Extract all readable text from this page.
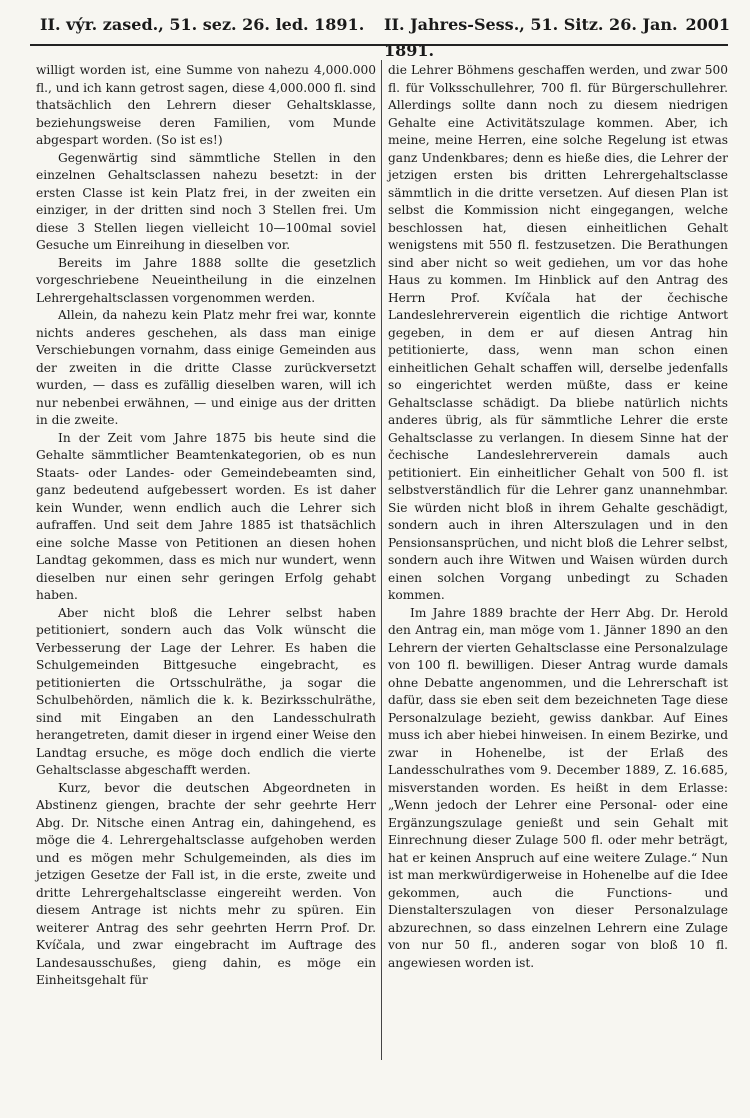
II. výr. zased., 51. sez. 26. led. 1891. II. Jahres-Sess., 51. Sitz. 26. Jan. 1891.
2001

willigt worden ist, eine Summe von nahezu 4,000.000 fl., und ich kann getrost sagen, diese 4,000.000 fl. sind thatsächlich den Lehrern dieser Gehaltsklasse, beziehungsweise deren Familien, vom Munde abgespart worden. (So ist es!)

Gegenwärtig sind sämmtliche Stellen in den einzelnen Gehaltsclassen nahezu besetzt: in der ersten Classe ist kein Platz frei, in der zweiten ein einziger, in der dritten sind noch 3 Stellen frei. Um diese 3 Stellen liegen vielleicht 10—100mal soviel Gesuche um Einreihung in dieselben vor.

Bereits im Jahre 1888 sollte die gesetzlich vorgeschriebene Neueintheilung in die einzelnen Lehrergehaltsclassen vorgenommen werden.

Allein, da nahezu kein Platz mehr frei war, konnte nichts anderes geschehen, als dass man einige Verschiebungen vornahm, dass einige Gemeinden aus der zweiten in die dritte Classe zurückversetzt wurden, — dass es zufällig dieselben waren, will ich nur nebenbei erwähnen, — und einige aus der dritten in die zweite.

In der Zeit vom Jahre 1875 bis heute sind die Gehalte sämmtlicher Beamtenkategorien, ob es nun Staats- oder Landes- oder Gemeindebeamten sind, ganz bedeutend aufgebessert worden. Es ist daher kein Wunder, wenn endlich auch die Lehrer sich aufraffen. Und seit dem Jahre 1885 ist thatsächlich eine solche Masse von Petitionen an diesen hohen Landtag gekommen, dass es mich nur wundert, wenn dieselben nur einen sehr geringen Erfolg gehabt haben.

Aber nicht bloß die Lehrer selbst haben petitioniert, sondern auch das Volk wünscht die Verbesserung der Lage der Lehrer. Es haben die Schulgemeinden Bittgesuche eingebracht, es petitionierten die Ortsschulräthe, ja sogar die Schulbehörden, nämlich die k. k. Bezirksschulräthe, sind mit Eingaben an den Landesschulrath herangetreten, damit dieser in irgend einer Weise den Landtag ersuche, es möge doch endlich die vierte Gehaltsclasse abgeschafft werden.

Kurz, bevor die deutschen Abgeordneten in Abstinenz giengen, brachte der sehr geehrte Herr Abg. Dr. Nitsche einen Antrag ein, dahingehend, es möge die 4. Lehrergehaltsclasse aufgehoben werden und es mögen mehr Schulgemeinden, als dies im jetzigen Gesetze der Fall ist, in die erste, zweite und dritte Lehrergehaltsclasse eingereiht werden. Von diesem Antrage ist nichts mehr zu spüren. Ein weiterer Antrag des sehr geehrten Herrn Prof. Dr. Kvíčala, und zwar eingebracht im Auftrage des Landesausschußes, gieng dahin, es möge ein Einheitsgehalt für

die Lehrer Böhmens geschaffen werden, und zwar 500 fl. für Volksschullehrer, 700 fl. für Bürgerschullehrer. Allerdings sollte dann noch zu diesem niedrigen Gehalte eine Activitätszulage kommen. Aber, ich meine, meine Herren, eine solche Regelung ist etwas ganz Undenkbares; denn es hieße dies, die Lehrer der jetzigen ersten bis dritten Lehrergehaltsclasse sämmtlich in die dritte versetzen. Auf diesen Plan ist selbst die Kommission nicht eingegangen, welche beschlossen hat, diesen einheitlichen Gehalt wenigstens mit 550 fl. festzusetzen. Die Berathungen sind aber nicht so weit gediehen, um vor das hohe Haus zu kommen. Im Hinblick auf den Antrag des Herrn Prof. Kvíčala hat der čechische Landeslehrerverein eigentlich die richtige Antwort gegeben, in dem er auf diesen Antrag hin petitionierte, dass, wenn man schon einen einheitlichen Gehalt schaffen will, derselbe jedenfalls so eingerichtet werden müßte, dass er keine Gehaltsclasse schädigt. Da bliebe natürlich nichts anderes übrig, als für sämmtliche Lehrer die erste Gehaltsclasse zu verlangen. In diesem Sinne hat der čechische Landeslehrerverein damals auch petitioniert. Ein einheitlicher Gehalt von 500 fl. ist selbstverständlich für die Lehrer ganz unannehmbar. Sie würden nicht bloß in ihrem Gehalte geschädigt, sondern auch in ihren Alterszulagen und in den Pensionsansprüchen, und nicht bloß die Lehrer selbst, sondern auch ihre Witwen und Waisen würden durch einen solchen Vorgang unbedingt zu Schaden kommen.

Im Jahre 1889 brachte der Herr Abg. Dr. Herold den Antrag ein, man möge vom 1. Jänner 1890 an den Lehrern der vierten Gehaltsclasse eine Personalzulage von 100 fl. bewilligen. Dieser Antrag wurde damals ohne Debatte angenommen, und die Lehrerschaft ist dafür, dass sie eben seit dem bezeichneten Tage diese Personalzulage bezieht, gewiss dankbar. Auf Eines muss ich aber hiebei hinweisen. In einem Bezirke, und zwar in Hohenelbe, ist der Erlaß des Landesschulrathes vom 9. December 1889, Z. 16.685, misverstanden worden. Es heißt in dem Erlasse: „Wenn jedoch der Lehrer eine Personal- oder eine Ergänzungszulage genießt und sein Gehalt mit Einrechnung dieser Zulage 500 fl. oder mehr beträgt, hat er keinen Anspruch auf eine weitere Zulage.“ Nun ist man merkwürdigerweise in Hohenelbe auf die Idee gekommen, auch die Functions- und Dienstalterszulagen von dieser Personalzulage abzurechnen, so dass einzelnen Lehrern eine Zulage von nur 50 fl., anderen sogar von bloß 10 fl. angewiesen worden ist.
